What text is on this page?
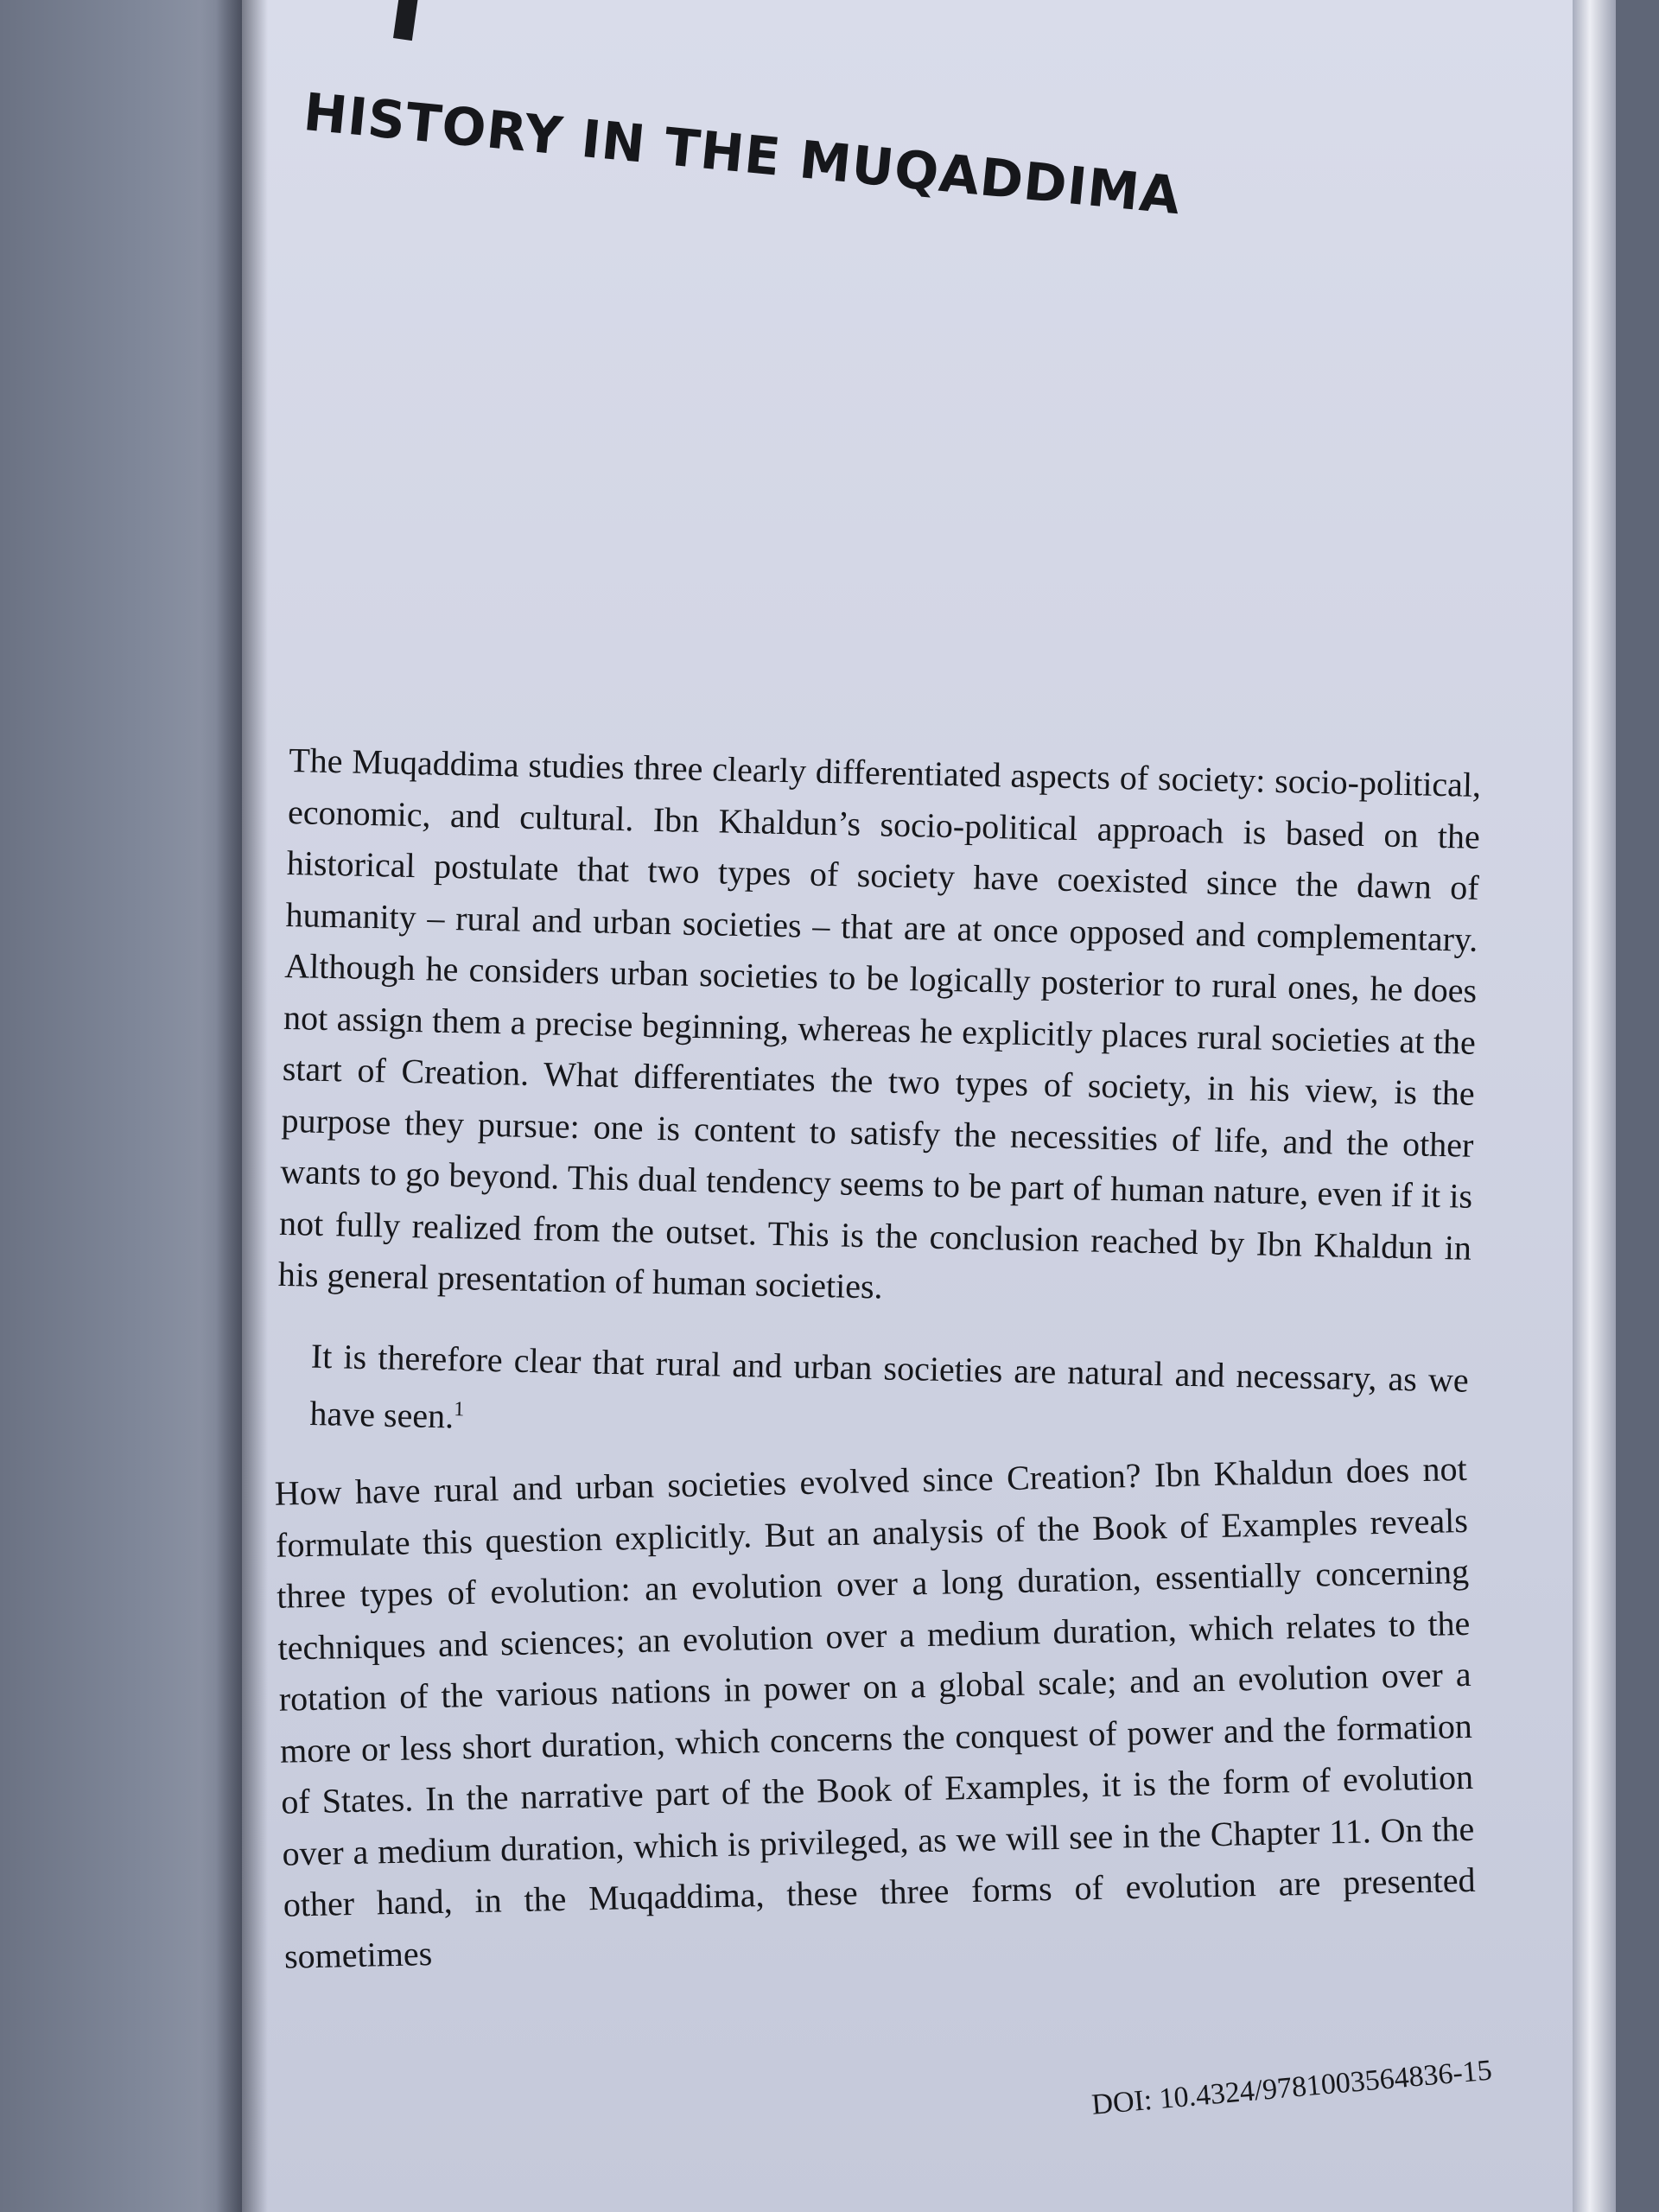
HISTORY IN THE MUQADDIMA

The Muqaddima studies three clearly differentiated aspects of society: socio-political, economic, and cultural. Ibn Khaldun’s socio-political approach is based on the historical postulate that two types of society have coexisted since the dawn of humanity – rural and urban societies – that are at once opposed and complementary. Although he considers urban societies to be logically posterior to rural ones, he does not assign them a precise beginning, whereas he explicitly places rural societies at the start of Creation. What differentiates the two types of society, in his view, is the purpose they pursue: one is content to satisfy the necessities of life, and the other wants to go beyond. This dual tendency seems to be part of human nature, even if it is not fully realized from the outset. This is the conclusion reached by Ibn Khaldun in his general presentation of human societies.

It is therefore clear that rural and urban societies are natural and necessary, as we have seen.$^1$

How have rural and urban societies evolved since Creation? Ibn Khaldun does not formulate this question explicitly. But an analysis of the Book of Examples reveals three types of evolution: an evolution over a long duration, essentially concerning techniques and sciences; an evolution over a medium duration, which relates to the rotation of the various nations in power on a global scale; and an evolution over a more or less short duration, which concerns the conquest of power and the formation of States. In the narrative part of the Book of Examples, it is the form of evolution over a medium duration, which is privileged, as we will see in the Chapter 11. On the other hand, in the Muqaddima, these three forms of evolution are presented sometimes

DOI: 10.4324/9781003564836-15
